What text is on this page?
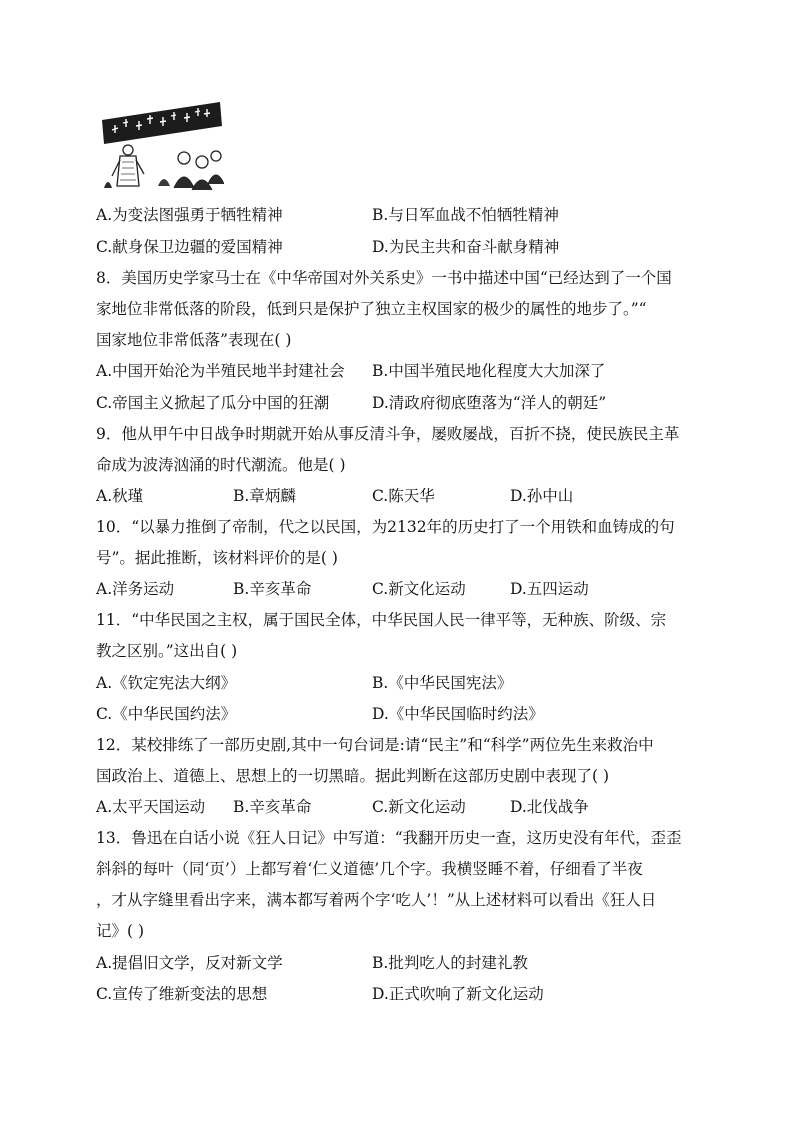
A.为变法图强勇于牺牲精神	B.与日军血战不怕牺牲精神
C.献身保卫边疆的爱国精神	D.为民主共和奋斗献身精神
8．美国历史学家马士在《中华帝国对外关系史》一书中描述中国“已经达到了一个国
家地位非常低落的阶段，低到只是保护了独立主权国家的极少的属性的地步了。”“
国家地位非常低落”表现在( )
A.中国开始沦为半殖民地半封建社会 B.中国半殖民地化程度大大加深了
C.帝国主义掀起了瓜分中国的狂潮	D.清政府彻底堕落为“洋人的朝廷”
9．他从甲午中日战争时期就开始从事反清斗争，屡败屡战，百折不挠，使民族民主革
命成为波涛汹涌的时代潮流。他是( )
A.秋瑾	B.章炳麟	C.陈天华	D.孙中山
10．“以暴力推倒了帝制，代之以民国，为2132年的历史打了一个用铁和血铸成的句
号”。据此推断，该材料评价的是( )
A.洋务运动	B.辛亥革命	C.新文化运动	D.五四运动
11．“中华民国之主权，属于国民全体，中华民国人民一律平等，无种族、阶级、宗
教之区别。”这出自( )
A.《钦定宪法大纲》	B.《中华民国宪法》
C.《中华民国约法》	D.《中华民国临时约法》
12．某校排练了一部历史剧,其中一句台词是:请“民主”和“科学”两位先生来救治中
国政治上、道德上、思想上的一切黑暗。据此判断在这部历史剧中表现了( )
A.太平天国运动 B.辛亥革命	C.新文化运动	D.北伐战争
13．鲁迅在白话小说《狂人日记》中写道：“我翻开历史一查，这历史没有年代，歪歪
斜斜的每叶（同‘页’）上都写着‘仁义道德’几个字。我横竖睡不着，仔细看了半夜
，才从字缝里看出字来，满本都写着两个字‘吃人’！”从上述材料可以看出《狂人日
记》( )
A.提倡旧文学，反对新文学	B.批判吃人的封建礼教
C.宣传了维新变法的思想	D.正式吹响了新文化运动
